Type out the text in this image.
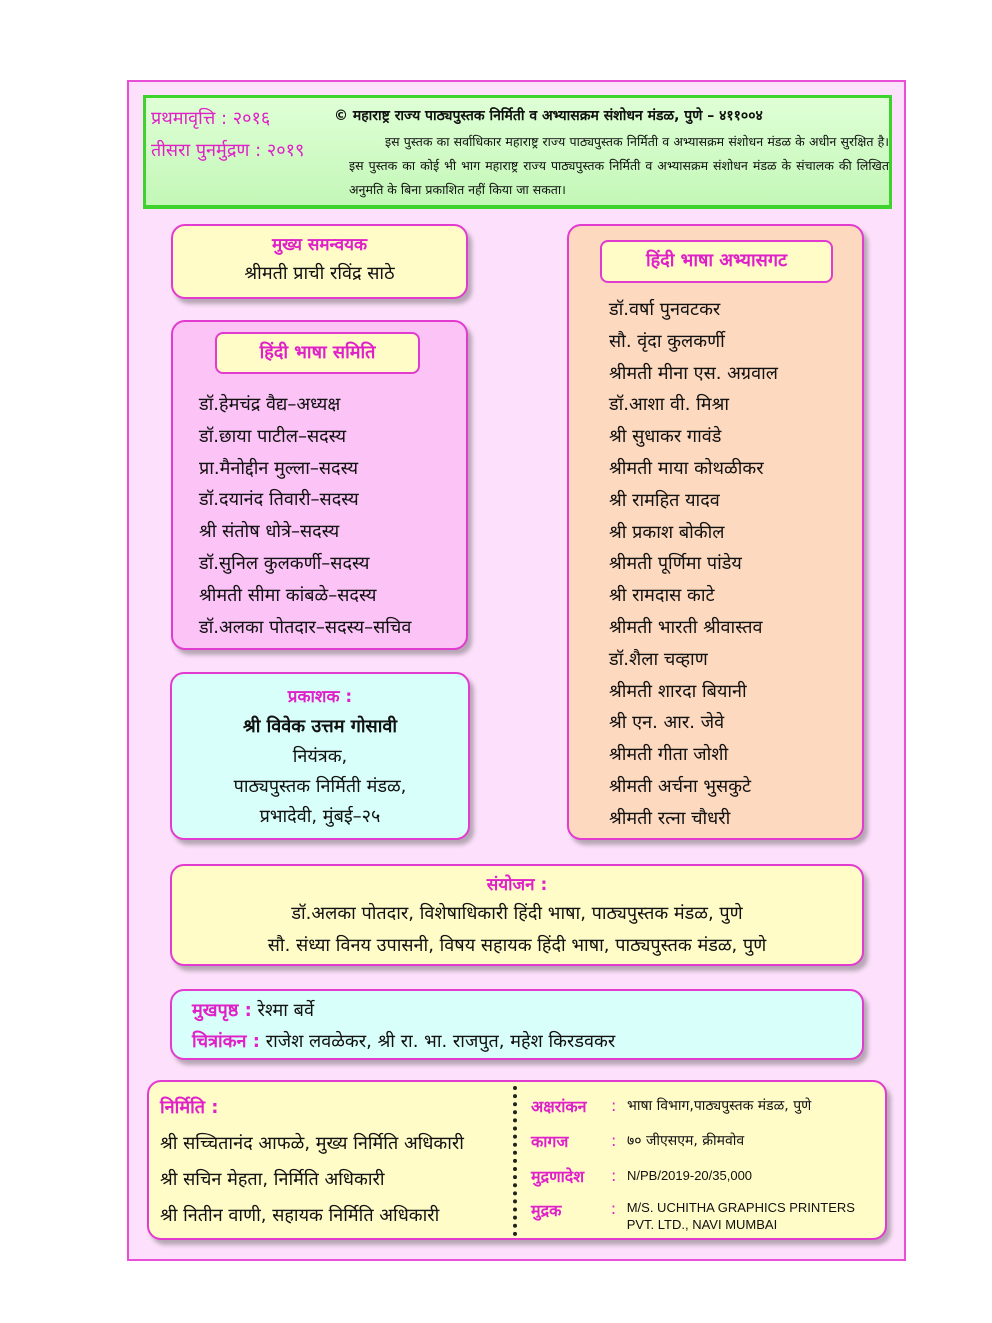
प्रथमावृत्ति : २०१६
तीसरा पुनर्मुद्रण : २०१९
© महाराष्ट्र राज्य पाठ्यपुस्तक निर्मिती व अभ्यासक्रम संशोधन मंडळ, पुणे – ४११००४
इस पुस्तक का सर्वाधिकार महाराष्ट्र राज्य पाठ्यपुस्तक निर्मिती व अभ्यासक्रम संशोधन मंडळ के अधीन सुरक्षित है। इस पुस्तक का कोई भी भाग महाराष्ट्र राज्य पाठ्यपुस्तक निर्मिती व अभ्यासक्रम संशोधन मंडळ के संचालक की लिखित अनुमति के बिना प्रकाशित नहीं किया जा सकता।
मुख्य समन्वयक
श्रीमती प्राची रविंद्र साठे
हिंदी भाषा समिति
डॉ.हेमचंद्र वैद्य–अध्यक्ष
डॉ.छाया पाटील–सदस्य
प्रा.मैनोद्दीन मुल्ला–सदस्य
डॉ.दयानंद तिवारी–सदस्य
श्री संतोष धोत्रे–सदस्य
डॉ.सुनिल कुलकर्णी–सदस्य
श्रीमती सीमा कांबळे–सदस्य
डॉ.अलका पोतदार–सदस्य–सचिव
प्रकाशक :
श्री विवेक उत्तम गोसावी
नियंत्रक,
पाठ्यपुस्तक निर्मिती मंडळ,
प्रभादेवी, मुंबई–२५
हिंदी भाषा अभ्यासगट
डॉ.वर्षा पुनवटकर
सौ. वृंदा कुलकर्णी
श्रीमती मीना एस. अग्रवाल
डॉ.आशा वी. मिश्रा
श्री सुधाकर गावंडे
श्रीमती माया कोथळीकर
श्री रामहित यादव
श्री प्रकाश बोकील
श्रीमती पूर्णिमा पांडेय
श्री रामदास काटे
श्रीमती भारती श्रीवास्तव
डॉ.शैला चव्हाण
श्रीमती शारदा बियानी
श्री एन. आर. जेवे
श्रीमती गीता जोशी
श्रीमती अर्चना भुसकुटे
श्रीमती रत्ना चौधरी
संयोजन :
डॉ.अलका पोतदार, विशेषाधिकारी हिंदी भाषा, पाठ्यपुस्तक मंडळ, पुणे
सौ. संध्या विनय उपासनी, विषय सहायक हिंदी भाषा, पाठ्यपुस्तक मंडळ, पुणे
मुखपृष्ठ : रेश्मा बर्वे
चित्रांकन : राजेश लवळेकर, श्री रा. भा. राजपुत, महेश किरडवकर
निर्मिति :
श्री सच्चितानंद आफळे, मुख्य निर्मिति अधिकारी
श्री सचिन मेहता, निर्मिति अधिकारी
श्री नितीन वाणी, सहायक निर्मिति अधिकारी
अक्षरांकन	: भाषा विभाग,पाठ्यपुस्तक मंडळ, पुणे
कागज	: ७० जीएसएम, क्रीमवोव
मुद्रणादेश	: N/PB/2019-20/35,000
मुद्रक	: M/S. UCHITHA GRAPHICS PRINTERS PVT. LTD., NAVI MUMBAI
